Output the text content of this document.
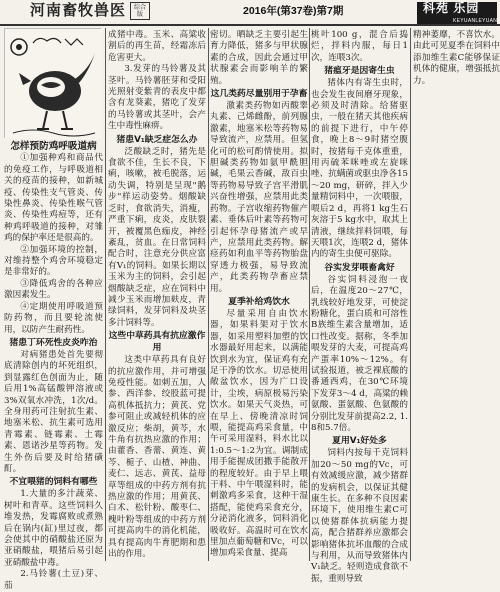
河南畜牧兽医	综合版	2016年(第37卷)第7期	科苑 乐园
KEYUANLEYUAN
怎样预防鸡呼吸道病

①加强种鸡和商品代的免疫工作，与呼吸道相关的疫苗的接种，如新城疫、传染性支气管炎、传染性鼻炎、传染性喉气管炎、传染性鸡痘等，还有种鸡呼吸道的接种，对雏鸡的保护率还是很高的。

②加强环境的控制，对维持整个鸡舍环境稳定是非常好的。

③降低鸡舍的各种应激因素发生。

④定期使用呼吸道预防药物，而且要轮流使用，以防产生耐药性。

猪患丁环死性皮炎咋治

对病猪患处首先要彻底清除创内的坏死组织，到显露红色创面为止，随后用1%高锰酸钾溶液或3%双氧水冲洗，1次/d。全身用药可注射抗生素、地塞米松、抗生素可选用青霉素、链霉素、土霉素、恩诺沙星等药物。发生外伤后要及时给猪磺酊。

不宜喂猪的饲料有哪些

1.大量的多汁蔬菜、树叶和青草。这些饲料久堆发热，发霉腐败或煮熟后在锅内(缸)里过夜，都会使其中的硝酸盐还原为亚硝酸盐，喂猪后易引起亚硝酸盐中毒。

2.马铃薯(土豆)芽、茄

成猪中毒。玉米、高粱收割后的再生苗，经霜冻后危害更大。

3.发芽的马铃薯及其茎叶。马铃薯胚芽和受阳光照射变紫青的表皮中都含有龙葵素，猪吃了发芽的马铃薯或其茎叶，会产生中毒性麻痹。

猪患V₁缺乏症怎么办

泛酸缺乏时，猪先是食欲不佳，生长不良，下痢，咳嗽，被毛脱落，运动失调，特别是呈现"鹅步"样运动姿势。烟酸缺乏时，食欲消失，消瘦，严重下痢，皮炎，皮肤裂开，被覆黑色痂皮，神经紊乱，贫血。在日常饲料配合时，注意充分供应富有V₁的饲料。如果长期以玉米为主的饲料，会引起烟酸缺乏症，应在饲料中减少玉米而增加麸皮，青绿饲料，发芽饲料及块茎多汁饲料等。

这些中草药具有抗应激作用

这类中草药具有良好的抗应激作用，并可增强免疫性能。如刺五加，人参、西洋参、绞股蓝可提高机体抵抗力；黄芪、党参可阻止或减轻机体的应激反应；柴胡，黄芩，水牛角有抗热应激的作用；由藿香、香薷、黄连、黄芩、栀子、山楂、神曲、麦仁、远志、黄芪、益母草等组成的中药方剂有抗热应激的作用；用黄芪、白术、松针粉、酸枣仁、槐叶粉等组成的中药方剂可提高肉牛的消化机能，具有提高肉牛育肥期和患出的作用。

密切。晒缺乏主要引起生育力降低，猪多与甲状腺素的合成，因此会通过甲状腺素会而影响羊的繁殖。

这几类药尽量别用于孕畜

激素类药物如丙酸睾丸素、己烯雌酚，前列腺激素，地塞米松等药物易导致流产，应禁用。但氢化可的松可酌情使用。拟胆碱类药物如氨甲酰胆碱，毛果云香碱，敌百虫等药物易导致子宫平滑肌兴奋性增强，应禁用此类药物。子宫收缩药物催产素、垂体后叶素等药物可引起怀孕母猪流产或早产，应禁用此类药物。解痉药如利血平等药物胎盘穿透力极强，易导致流产，此类药物孕畜应禁用。

夏季补给鸡饮水

尽量采用自由饮水器，如果料架对于饮水器，如采用塑料加塑的饮水器最好用起来，以满能饮到水为宜，保证鸡有充足干净的饮水。切忌使用敞盆饮水，因为广口设计，尘埃，病原极易污染饮水。如果天气炎热，可在早上、傍晚清凉时饲喂，能提高鸡采食量，中午可采用湿料，料水比以1:0.5～1:2为宜。调制成用手能握成团撒手能散开的程度较好。由于早上喂干料、中午喂湿料时，能刺激鸡多采食，这种干湿搭配，能使鸡采食充分，分泌消化液多，饲料消化吸收好。高温时可在饮水里加点葡萄糖和Vc，可以增加鸡采食量、提高

桃叶100 g，混合后捣烂，拌料内服，每日1次，连喂3次。

猪瘟牙是因寄生虫

猪体内有寄生虫时，也会发生夜间磨牙现象，必须及时清除。给猪驱虫，一般在猪天其他疾病的前提下进行，中午停食，晚上8～9时猪空腹时，按猪每千克体重重，用丙硫苯咪唑或左旋咪唑、抗螨菌或驱虫净各15～20 mg，研碎，拌入少量精饲料中，一次喂服，喂后2 d，再将1 kg生石灰溶于5 kg水中，取其上清液，继续拌料饲喂，每天喂1次，连喂2 d，猪体内的寄生虫便可驱除。

谷实发芽喂畜禽好

谷实饲料浸泡一夜后，在温度20～27℃，乳线较好地发芽，可使淀粉糖化，蛋白质和可溶性B族维生素含量增加，适口性改变。据称，冬季加喂发芽的大麦，可提高鸡产蛋率10%～12%。有试验报道，被乏裸底酸的番通西鸡，在30℃环境下发芽3～4 d，高粱的赖氨酸、蛋氨酸、色氨酸的分别比发芽前提高2.2, 1.8和5.7倍。

夏用V₁好处多

饲料内按每千克饲料加20～50 mg的Vc，可有效减缓应激，减少猪群的发病机会，以保证其健康生长。在多种不良因素环境下，使用维生素C可以使猪群体抗病能力提高，配合猪群养应激都会影响猪体抗坏血酸的合成与利用，从而导致猪体内V₁缺乏。轻则造成食欲不振，重则导致

精神萎靡，不喜饮水。由此可见夏季在饲料中添加维生素C能够保证机体的健康，增强抵抗力。
